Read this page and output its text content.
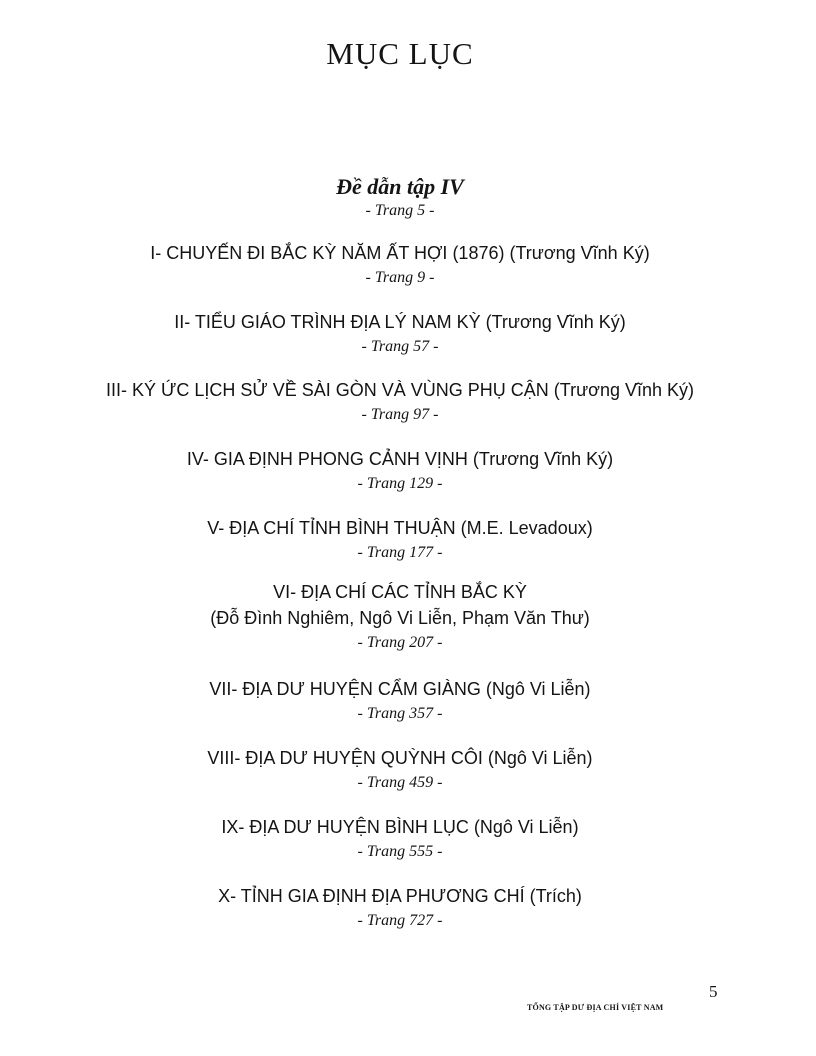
MỤC LỤC
Đề dẫn tập IV
- Trang 5 -
I- CHUYẾN ĐI BẮC KỲ NĂM ẤT HỢI (1876) (Trương Vĩnh Ký)
- Trang 9 -
II- TIỂU GIÁO TRÌNH ĐỊA LÝ NAM KỲ (Trương Vĩnh Ký)
- Trang 57 -
III- KÝ ỨC LỊCH SỬ VỀ SÀI GÒN VÀ VÙNG PHỤ CẬN (Trương Vĩnh Ký)
- Trang 97 -
IV- GIA ĐỊNH PHONG CẢNH VỊNH (Trương Vĩnh Ký)
- Trang 129 -
V- ĐỊA CHÍ TỈNH BÌNH THUẬN (M.E. Levadoux)
- Trang 177 -
VI- ĐỊA CHÍ CÁC TỈNH BẮC KỲ
(Đỗ Đình Nghiêm, Ngô Vi Liễn, Phạm Văn Thư)
- Trang 207 -
VII- ĐỊA DƯ HUYỆN CẨM GIÀNG (Ngô Vi Liễn)
- Trang 357 -
VIII- ĐỊA DƯ HUYỆN QUỲNH CÔI (Ngô Vi Liễn)
- Trang 459 -
IX- ĐỊA DƯ HUYỆN BÌNH LỤC (Ngô Vi Liễn)
- Trang 555 -
X- TỈNH GIA ĐỊNH ĐỊA PHƯƠNG CHÍ (Trích)
- Trang 727 -
5
TỔNG TẬP DƯ ĐỊA CHÍ VIỆT NAM
